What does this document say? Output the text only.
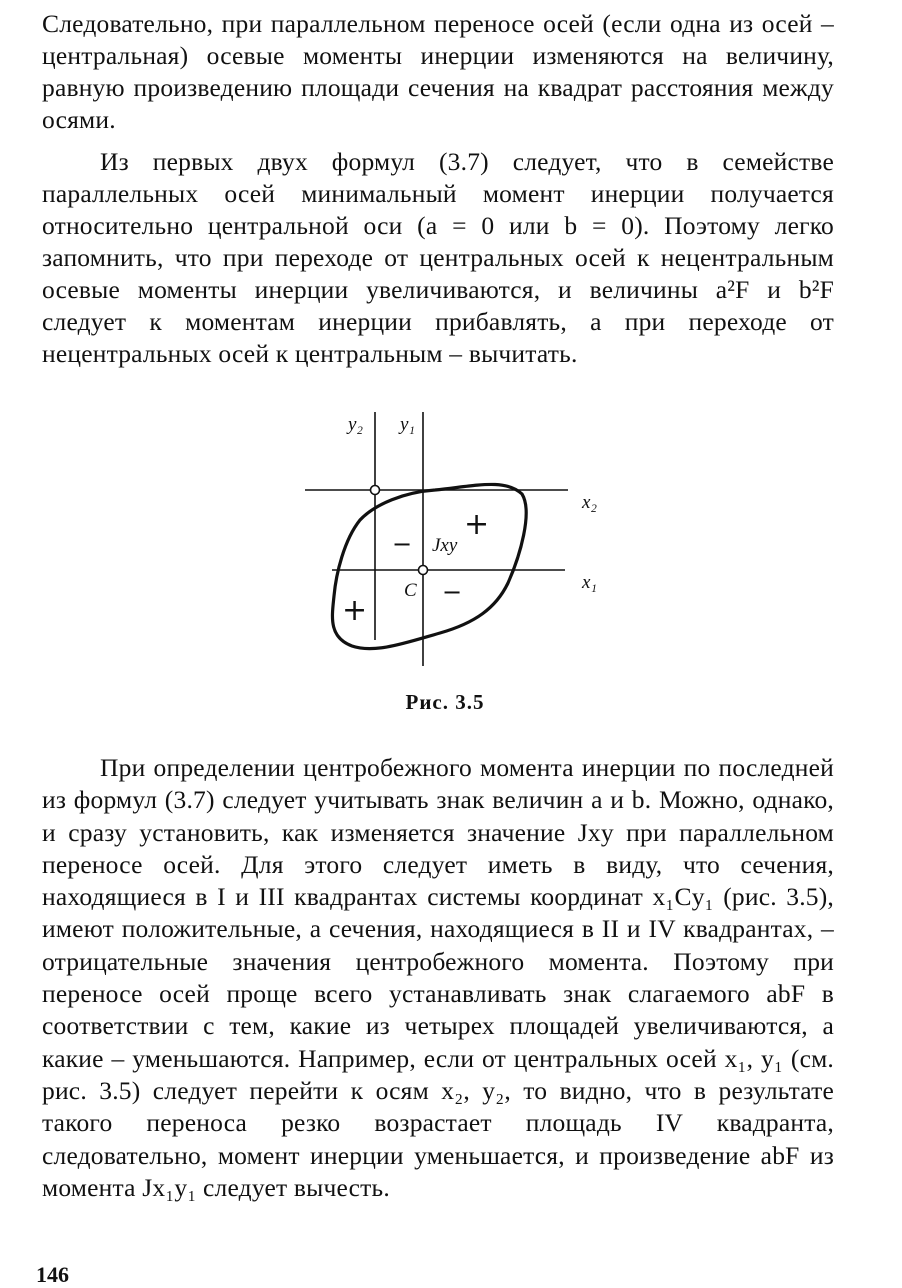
Следовательно, при параллельном переносе осей (если одна из осей – центральная) осевые моменты инерции изменяются на величину, равную произведению площади сечения на квадрат расстояния между осями.

Из первых двух формул (3.7) следует, что в семействе параллельных осей минимальный момент инерции получается относительно центральной оси (a = 0 или b = 0). Поэтому легко запомнить, что при переходе от центральных осей к нецентральным осевые моменты инерции увеличиваются, и величины a²F и b²F следует к моментам инерции прибавлять, а при переходе от нецентральных осей к центральным – вычитать.

y₂ y₁
x₂
x₁
C
Jxy
+
−
+
−
Рис. 3.5

При определении центробежного момента инерции по последней из формул (3.7) следует учитывать знак величин a и b. Можно, однако, и сразу установить, как изменяется значение Jxy при параллельном переносе осей. Для этого следует иметь в виду, что сечения, находящиеся в I и III квадрантах системы координат x₁Cy₁ (рис. 3.5), имеют положительные, а сечения, находящиеся в II и IV квадрантах, – отрицательные значения центробежного момента. Поэтому при переносе осей проще всего устанавливать знак слагаемого abF в соответствии с тем, какие из четырех площадей увеличиваются, а какие – уменьшаются. Например, если от центральных осей x₁, y₁ (см. рис. 3.5) следует перейти к осям x₂, y₂, то видно, что в результате такого переноса резко возрастает площадь IV квадранта, следовательно, момент инерции уменьшается, и произведение abF из момента Jx₁y₁ следует вычесть.

146
